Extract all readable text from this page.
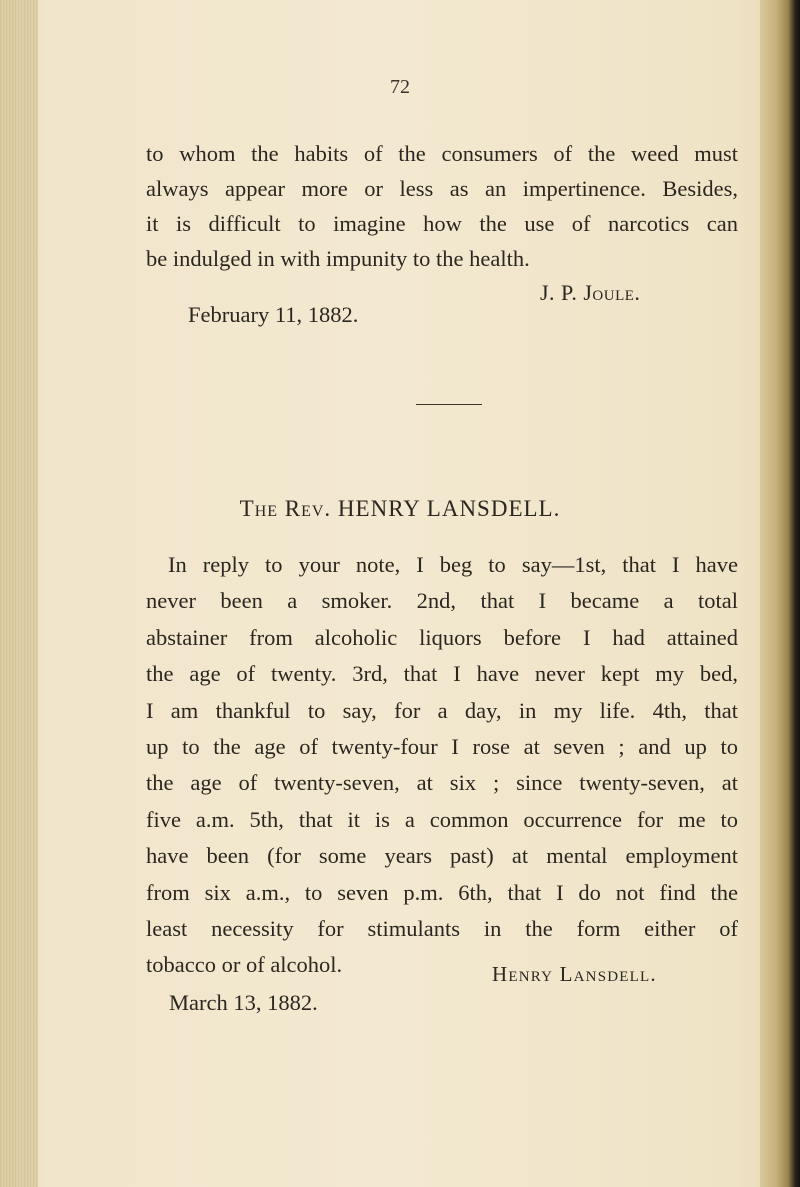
72
to whom the habits of the consumers of the weed must
always appear more or less as an impertinence. Besides,
it is difficult to imagine how the use of narcotics can
be indulged in with impunity to the health.
J. P. Joule.
February 11, 1882.
The Rev. HENRY LANSDELL.
In reply to your note, I beg to say—1st, that I have
never been a smoker. 2nd, that I became a total
abstainer from alcoholic liquors before I had attained
the age of twenty. 3rd, that I have never kept my bed,
I am thankful to say, for a day, in my life. 4th, that
up to the age of twenty-four I rose at seven ; and up to
the age of twenty-seven, at six ; since twenty-seven, at
five a.m. 5th, that it is a common occurrence for me to
have been (for some years past) at mental employment
from six a.m., to seven p.m. 6th, that I do not find the
least necessity for stimulants in the form either of
tobacco or of alcohol.	Henry Lansdell.
March 13, 1882.
